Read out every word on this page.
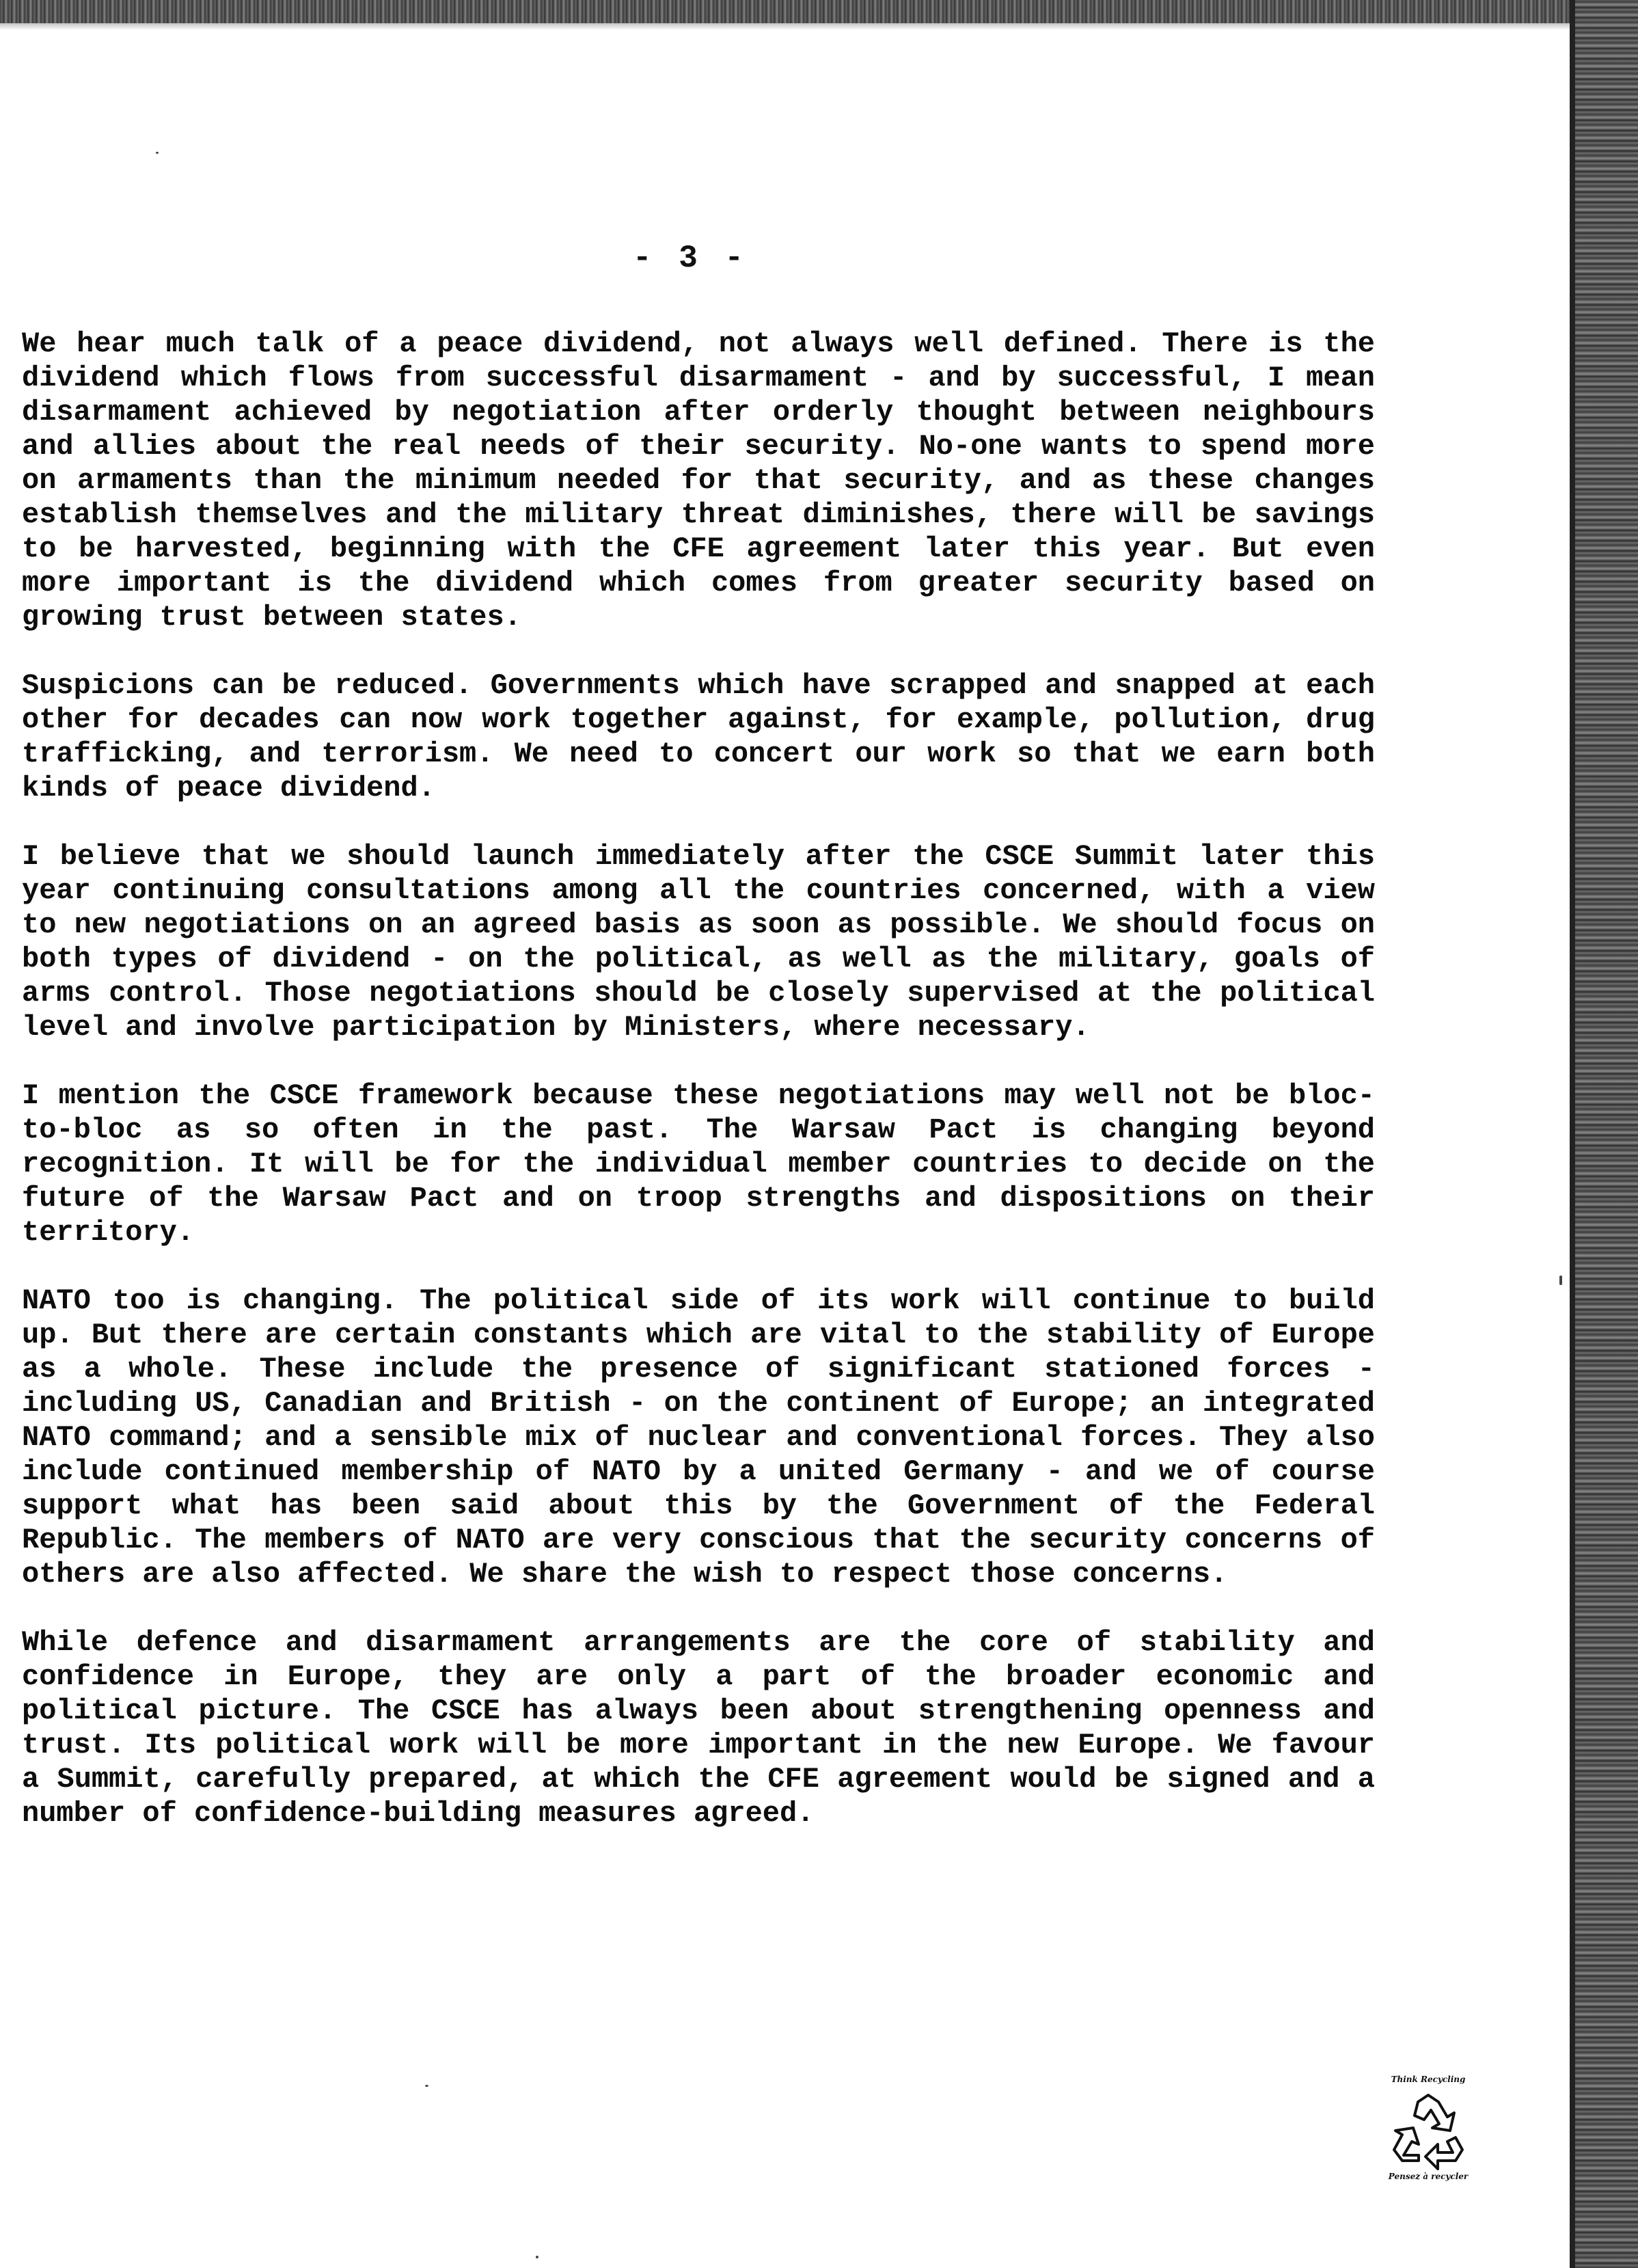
- 3 -

We hear much talk of a peace dividend, not always well defined. There is the dividend which flows from successful disarmament - and by successful, I mean disarmament achieved by negotiation after orderly thought between neighbours and allies about the real needs of their security. No-one wants to spend more on armaments than the minimum needed for that security, and as these changes establish themselves and the military threat diminishes, there will be savings to be harvested, beginning with the CFE agreement later this year. But even more important is the dividend which comes from greater security based on growing trust between states.

Suspicions can be reduced. Governments which have scrapped and snapped at each other for decades can now work together against, for example, pollution, drug trafficking, and terrorism. We need to concert our work so that we earn both kinds of peace dividend.

I believe that we should launch immediately after the CSCE Summit later this year continuing consultations among all the countries concerned, with a view to new negotiations on an agreed basis as soon as possible. We should focus on both types of dividend - on the political, as well as the military, goals of arms control. Those negotiations should be closely supervised at the political level and involve participation by Ministers, where necessary.

I mention the CSCE framework because these negotiations may well not be bloc-to-bloc as so often in the past. The Warsaw Pact is changing beyond recognition. It will be for the individual member countries to decide on the future of the Warsaw Pact and on troop strengths and dispositions on their territory.

NATO too is changing. The political side of its work will continue to build up. But there are certain constants which are vital to the stability of Europe as a whole. These include the presence of significant stationed forces - including US, Canadian and British - on the continent of Europe; an integrated NATO command; and a sensible mix of nuclear and conventional forces. They also include continued membership of NATO by a united Germany - and we of course support what has been said about this by the Government of the Federal Republic. The members of NATO are very conscious that the security concerns of others are also affected. We share the wish to respect those concerns.

While defence and disarmament arrangements are the core of stability and confidence in Europe, they are only a part of the broader economic and political picture. The CSCE has always been about strengthening openness and trust. Its political work will be more important in the new Europe. We favour a Summit, carefully prepared, at which the CFE agreement would be signed and a number of confidence-building measures agreed.

Think Recycling
Pensez à recycler
